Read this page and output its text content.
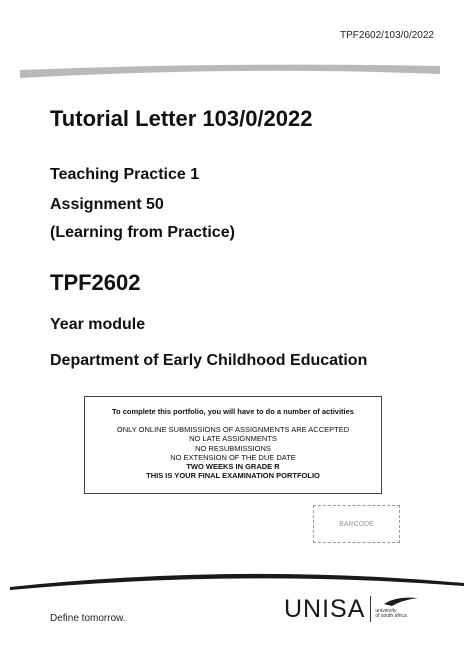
TPF2602/103/0/2022
Tutorial Letter 103/0/2022
Teaching Practice 1
Assignment 50
(Learning from Practice)
TPF2602
Year module
Department of Early Childhood Education
To complete this portfolio, you will have to do a number of activities
ONLY ONLINE SUBMISSIONS OF ASSIGNMENTS ARE ACCEPTED
NO LATE ASSIGNMENTS
NO RESUBMISSIONS
NO EXTENSION OF THE DUE DATE
TWO WEEKS IN GRADE R
THIS IS YOUR FINAL EXAMINATION PORTFOLIO
BARCODE
Define tomorrow.	UNISA university
of south africa
